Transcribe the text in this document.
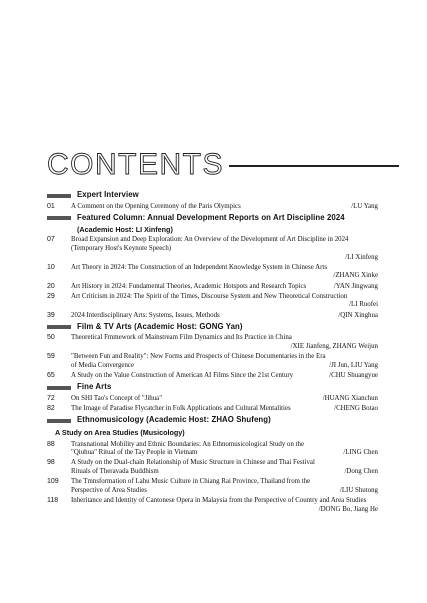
CONTENTS
Expert Interview
01	A Comment on the Opening Ceremony of the Paris Olympics	/LU Yang
Featured Column: Annual Development Reports on Art Discipline 2024
(Academic Host: LI Xinfeng)
07	Broad Expansion and Deep Exploration: An Overview of the Development of Art Discipline in 2024 (Temporary Host's Keynote Speech)
/LI Xinfeng
10	Art Theory in 2024: The Construction of an Independent Knowledge System in Chinese Arts
/ZHANG Xinke
20	Art History in 2024: Fundamental Theories, Academic Hotspots and Research Topics	/YAN Jingwang
29	Art Criticism in 2024: The Spirit of the Times, Discourse System and New Theoretical Construction
/LI Ruofei
39	2024 Interdisciplinary Arts: Systems, Issues, Methods	/QIN Xinghua
Film & TV Arts (Academic Host: GONG Yan)
50	Theoretical Fmmework of Mainstream Film Dynamics and Its Practice in China
/XIE Jianfeng, ZHANG Weijun
59	"Between Fun and Reality": New Forms and Prospects of Chinese Documentaries in the Era of Media Convergence	/JI Jun, LIU Yang
65	A Study on the Value Construction of American AI Films Since the 21st Century	/CHU Shuangyue
Fine Arts
72	On SHI Tao's Concept of "Jihua"	/HUANG Xianchun
82	The Image of Paradise Flycatcher in Folk Applications and Cultural Mentalities	/CHENG Botao
Ethnomusicology (Academic Host: ZHAO Shufeng)
A Study on Area Studies (Musicology)
88	Transnational Mobility and Ethnic Boundaries: An Ethnomusicological Study on the "Qiuhua" Ritual of the Tay People in Vietnam	/LING Chen
98	A Study on the Dual-chain Relationship of Music Structure in Chinese and Thai Festival Rituals of Theravada Buddhism	/Dong Chen
109	The Tmnsformation of Lahu Music Culture in Chiang Rai Province, Thailand from the Perspective of Area Studies	/LIU Shutong
118	Inheritance and Identity of Cantonese Opera in Malaysia from the Perspective of Country and Area Studies
/DONG Bo, Jiang He
